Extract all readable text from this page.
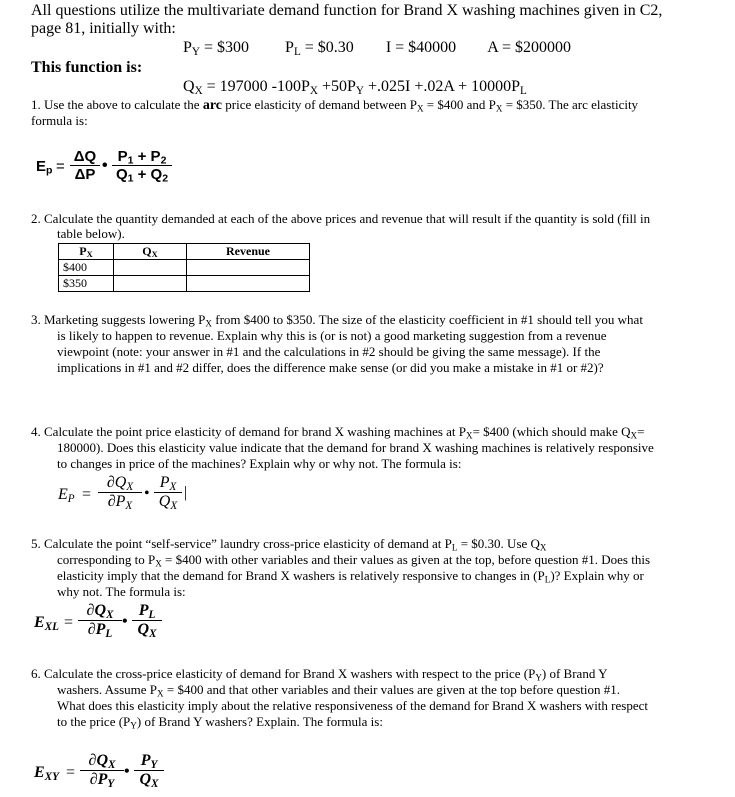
All questions utilize the multivariate demand function for Brand X washing machines given in C2,
page 81, initially with:
$P_Y$ = $300 $P_L$ = $0.30 I = $40000 A = $200000
This function is:
$Q_X = 197000$ $-100P_X +50P_Y +.025I +.02A + 10000P_L$
1. Use the above to calculate the arc price elasticity of demand between $P_X$ = $400 and $P_X$ = $350. The arc elasticity
formula is:
$E_p = \frac{\Delta Q}{\Delta P}$ • $\frac{P_1 + P_2}{Q_1 + Q_2}$
2. Calculate the quantity demanded at each of the above prices and revenue that will result if the quantity is sold (fill in
table below).
$P_X$	$Q_X$	Revenue
$400		
$350		
3. Marketing suggests lowering $P_X$ from $400 to $350. The size of the elasticity coefficient in #1 should tell you what
is likely to happen to revenue. Explain why this is (or is not) a good marketing suggestion from a revenue
viewpoint (note: your answer in #1 and the calculations in #2 should be giving the same message). If the
implications in #1 and #2 differ, does the difference make sense (or did you make a mistake in #1 or #2)?
4. Calculate the point price elasticity of demand for brand X washing machines at $P_X=$ $400 (which should make $Q_X=$
180000). Does this elasticity value indicate that the demand for brand X washing machines is relatively responsive
to changes in price of the machines? Explain why or why not. The formula is:
$E_P = \frac{\partial Q_X}{\partial P_X}$ • $\frac{P_X}{Q_X}$ |
5. Calculate the point “self-service” laundry cross-price elasticity of demand at $P_L$ = $0.30. Use $Q_X$
corresponding to $P_X$ = $400 with other variables and their values as given at the top, before question #1. Does this
elasticity imply that the demand for Brand X washers is relatively responsive to changes in $(P_L)$? Explain why or
why not. The formula is:
$E_{XL} = \frac{\partial Q_X}{\partial P_L}$ • $\frac{P_L}{Q_X}$
6. Calculate the cross-price elasticity of demand for Brand X washers with respect to the price $(P_Y)$ of Brand Y
washers. Assume $P_X$ = $400 and that other variables and their values are given at the top before question #1.
What does this elasticity imply about the relative responsiveness of the demand for Brand X washers with respect
to the price $(P_Y)$ of Brand Y washers? Explain. The formula is:
$E_{XY} = \frac{\partial Q_X}{\partial P_Y}$ • $\frac{P_Y}{Q_X}$
